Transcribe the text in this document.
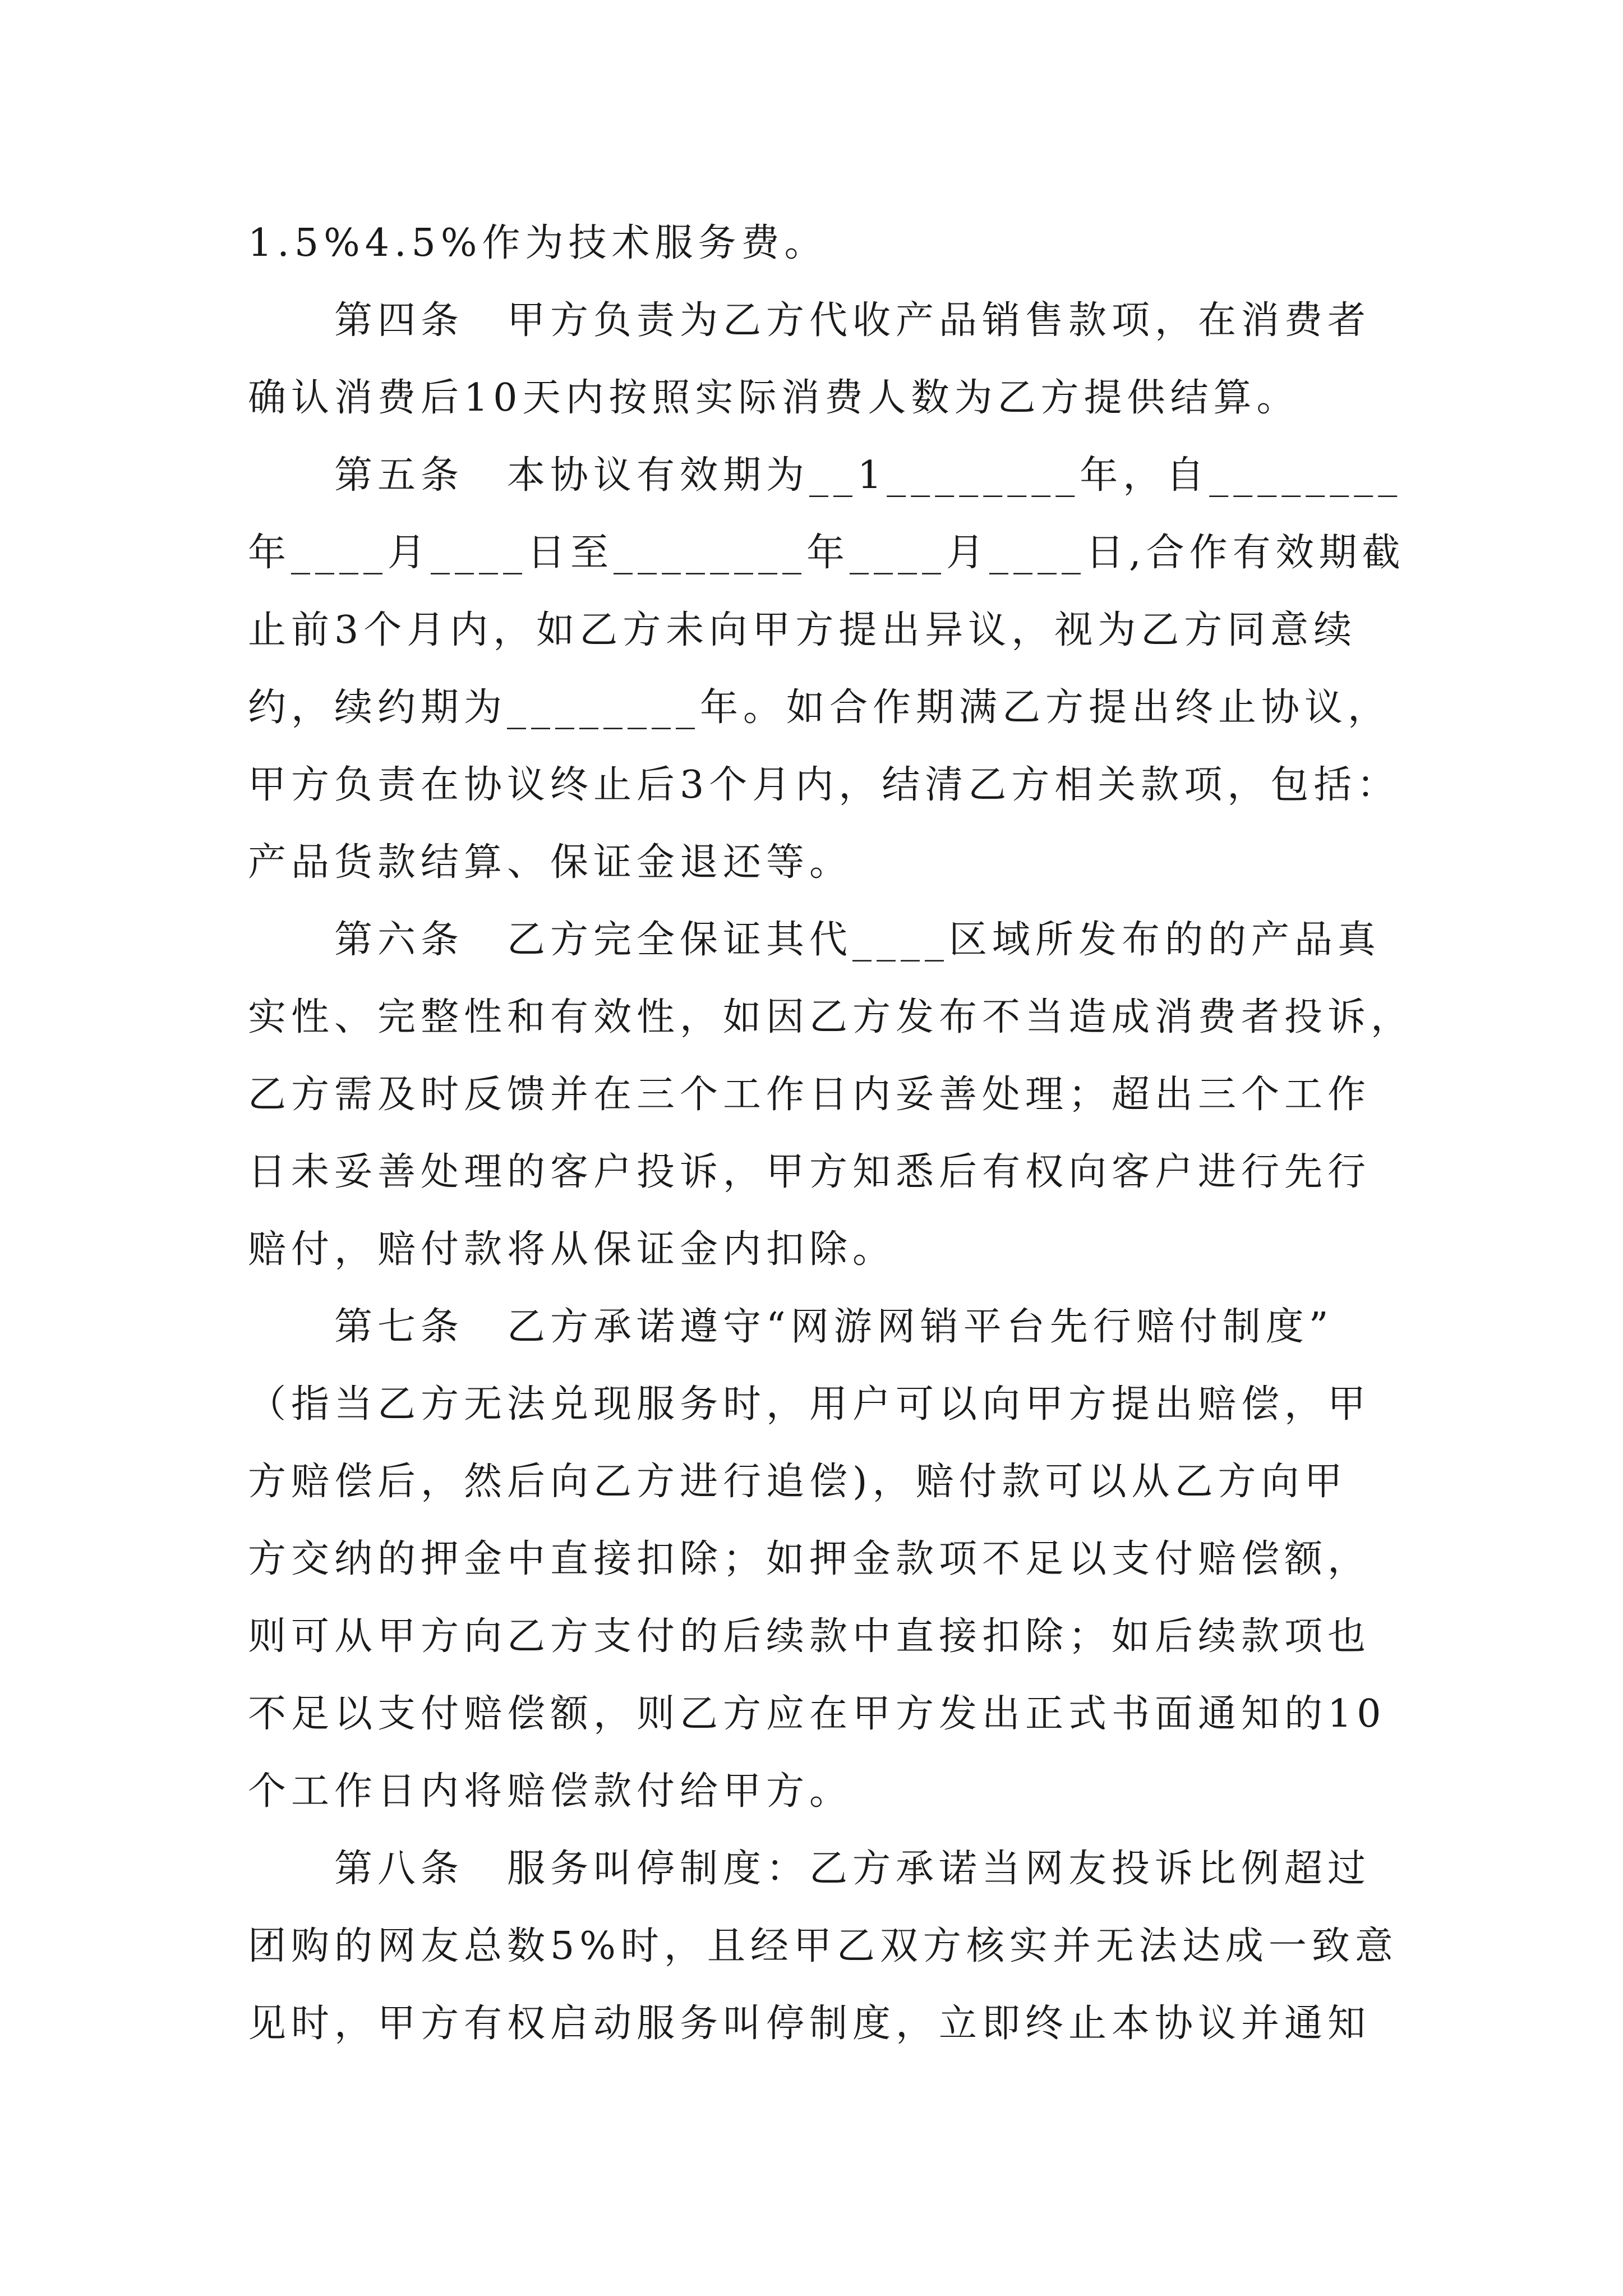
1.5%4.5%作为技术服务费。
第四条　甲方负责为乙方代收产品销售款项，在消费者
确认消费后10天内按照实际消费人数为乙方提供结算。
第五条　本协议有效期为__1________年，自________
年____月____日至________年____月____日,合作有效期截
止前3个月内，如乙方未向甲方提出异议，视为乙方同意续
约，续约期为________年。如合作期满乙方提出终止协议，
甲方负责在协议终止后3个月内，结清乙方相关款项，包括：
产品货款结算、保证金退还等。
第六条　乙方完全保证其代____区域所发布的的产品真
实性、完整性和有效性，如因乙方发布不当造成消费者投诉，
乙方需及时反馈并在三个工作日内妥善处理；超出三个工作
日未妥善处理的客户投诉，甲方知悉后有权向客户进行先行
赔付，赔付款将从保证金内扣除。
第七条　乙方承诺遵守“网游网销平台先行赔付制度”
（指当乙方无法兑现服务时，用户可以向甲方提出赔偿，甲
方赔偿后，然后向乙方进行追偿)，赔付款可以从乙方向甲
方交纳的押金中直接扣除；如押金款项不足以支付赔偿额，
则可从甲方向乙方支付的后续款中直接扣除；如后续款项也
不足以支付赔偿额，则乙方应在甲方发出正式书面通知的10
个工作日内将赔偿款付给甲方。
第八条　服务叫停制度：乙方承诺当网友投诉比例超过
团购的网友总数5%时，且经甲乙双方核实并无法达成一致意
见时，甲方有权启动服务叫停制度，立即终止本协议并通知
